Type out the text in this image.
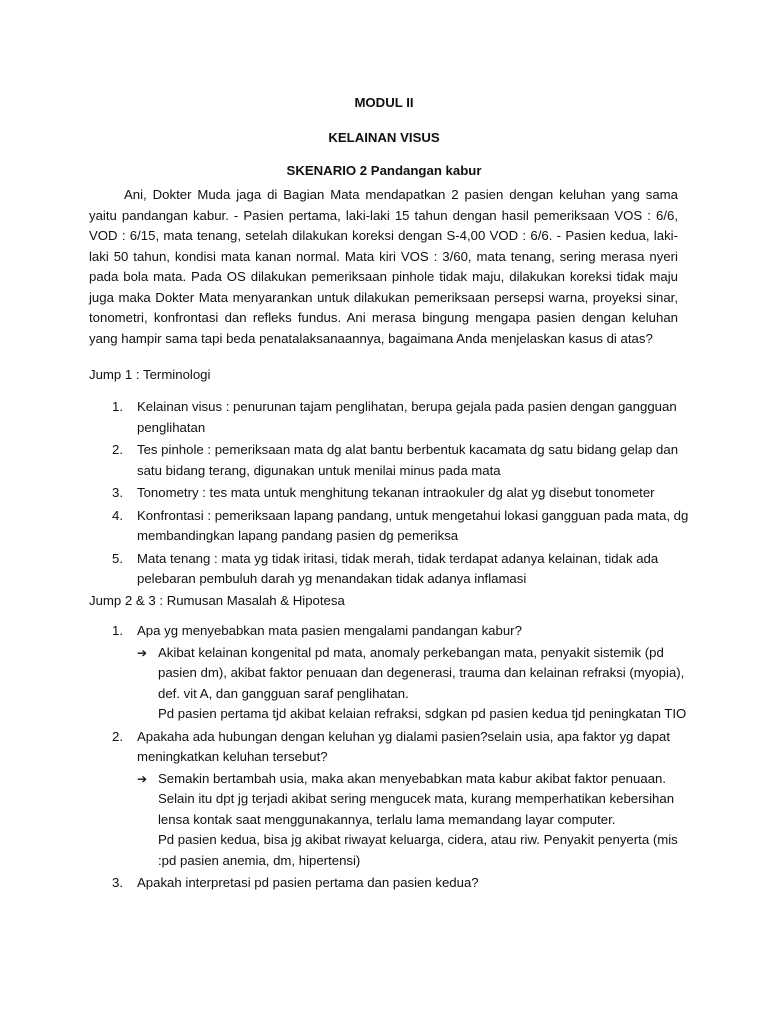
MODUL II

KELAINAN VISUS

SKENARIO 2 Pandangan kabur

Ani, Dokter Muda jaga di Bagian Mata mendapatkan 2 pasien dengan keluhan yang sama yaitu pandangan kabur. - Pasien pertama, laki-laki 15 tahun dengan hasil pemeriksaan VOS : 6/6, VOD : 6/15, mata tenang, setelah dilakukan koreksi dengan S-4,00 VOD : 6/6. - Pasien kedua, laki-laki 50 tahun, kondisi mata kanan normal. Mata kiri VOS : 3/60, mata tenang, sering merasa nyeri pada bola mata. Pada OS dilakukan pemeriksaan pinhole tidak maju, dilakukan koreksi tidak maju juga maka Dokter Mata menyarankan untuk dilakukan pemeriksaan persepsi warna, proyeksi sinar, tonometri, konfrontasi dan refleks fundus. Ani merasa bingung mengapa pasien dengan keluhan yang hampir sama tapi beda penatalaksanaannya, bagaimana Anda menjelaskan kasus di atas?

Jump 1 : Terminologi

1. Kelainan visus : penurunan tajam penglihatan, berupa gejala pada pasien dengan gangguan penglihatan
2. Tes pinhole : pemeriksaan mata dg alat bantu berbentuk kacamata dg satu bidang gelap dan satu bidang terang, digunakan untuk menilai minus pada mata
3. Tonometry : tes mata untuk menghitung tekanan intraokuler dg alat yg disebut tonometer
4. Konfrontasi : pemeriksaan lapang pandang, untuk mengetahui lokasi gangguan pada mata, dg membandingkan lapang pandang pasien dg pemeriksa
5. Mata tenang : mata yg tidak iritasi, tidak merah, tidak terdapat adanya kelainan, tidak ada pelebaran pembuluh darah yg menandakan tidak adanya inflamasi

Jump 2 & 3 : Rumusan Masalah & Hipotesa

1. Apa yg menyebabkan mata pasien mengalami pandangan kabur?
➔ Akibat kelainan kongenital pd mata, anomaly perkebangan mata, penyakit sistemik (pd pasien dm), akibat faktor penuaan dan degenerasi, trauma dan kelainan refraksi (myopia), def. vit A, dan gangguan saraf penglihatan.

Pd pasien pertama tjd akibat kelaian refraksi, sdgkan pd pasien kedua tjd peningkatan TIO

2. Apakaha ada hubungan dengan keluhan yg dialami pasien?selain usia, apa faktor yg dapat meningkatkan keluhan tersebut?
➔ Semakin bertambah usia, maka akan menyebabkan mata kabur akibat faktor penuaan. Selain itu dpt jg terjadi akibat sering mengucek mata, kurang memperhatikan kebersihan lensa kontak saat menggunakannya, terlalu lama memandang layar computer.

Pd pasien kedua, bisa jg akibat riwayat keluarga, cidera, atau riw. Penyakit penyerta (mis :pd pasien anemia, dm, hipertensi)

3. Apakah interpretasi pd pasien pertama dan pasien kedua?
